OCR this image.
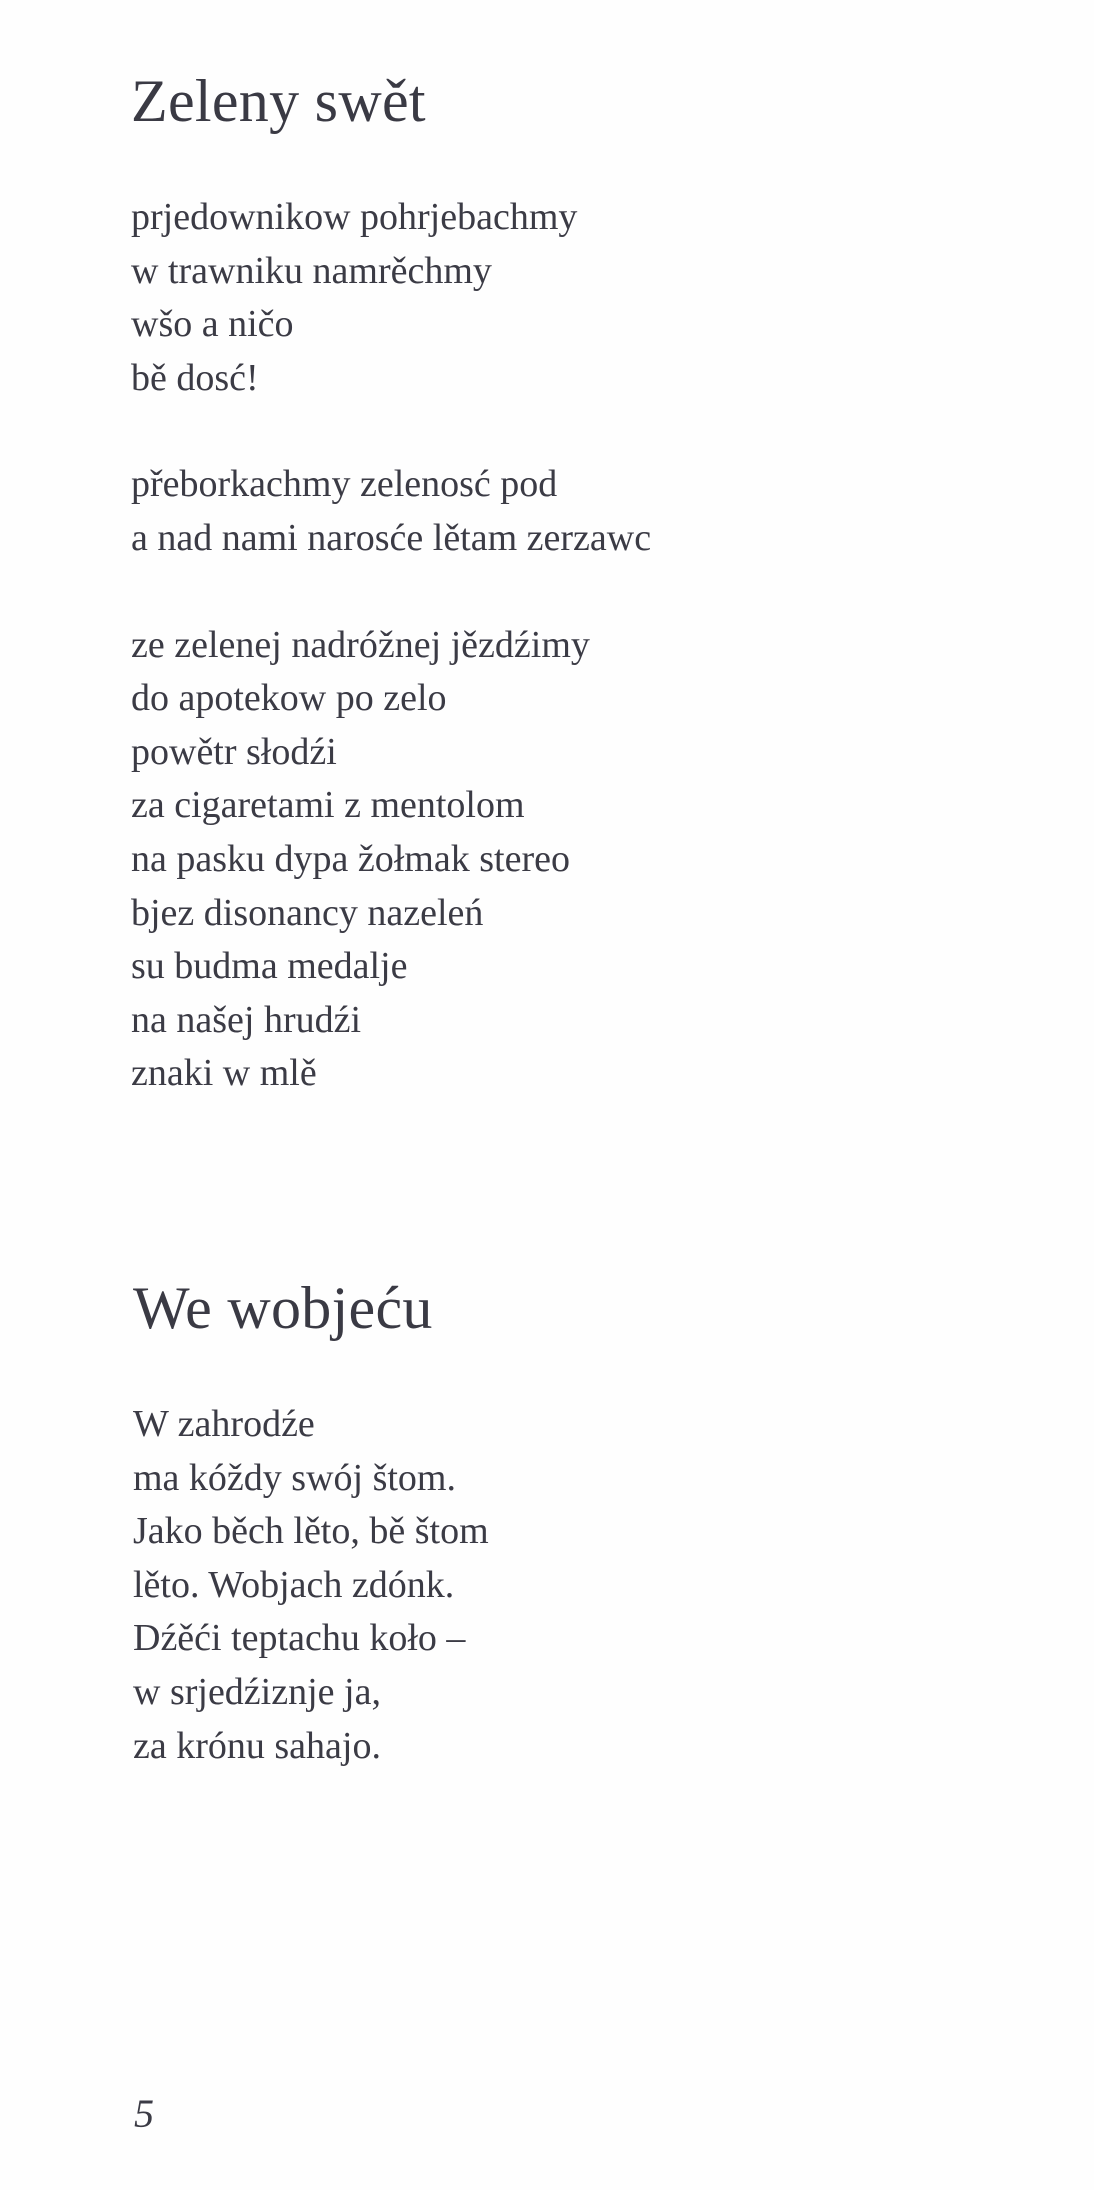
Zeleny swět

prjedownikow pohrjebachmy
w trawniku namrěchmy
wšo a ničo
bě dosć!

přeborkachmy zelenosć pod
a nad nami narosće lětam zerzawc

ze zelenej nadróžnej jězdźimy
do apotekow po zelo
powětr słodźi
za cigaretami z mentolom
na pasku dypa žołmak stereo
bjez disonancy nazeleń
su budma medalje
na našej hrudźi
znaki w mlě

We wobjeću

W zahrodźe
ma kóždy swój štom.
Jako běch lěto, bě štom
lěto. Wobjach zdónk.
Dźěći teptachu koło –
w srjedźiznje ja,
za krónu sahajo.

5
